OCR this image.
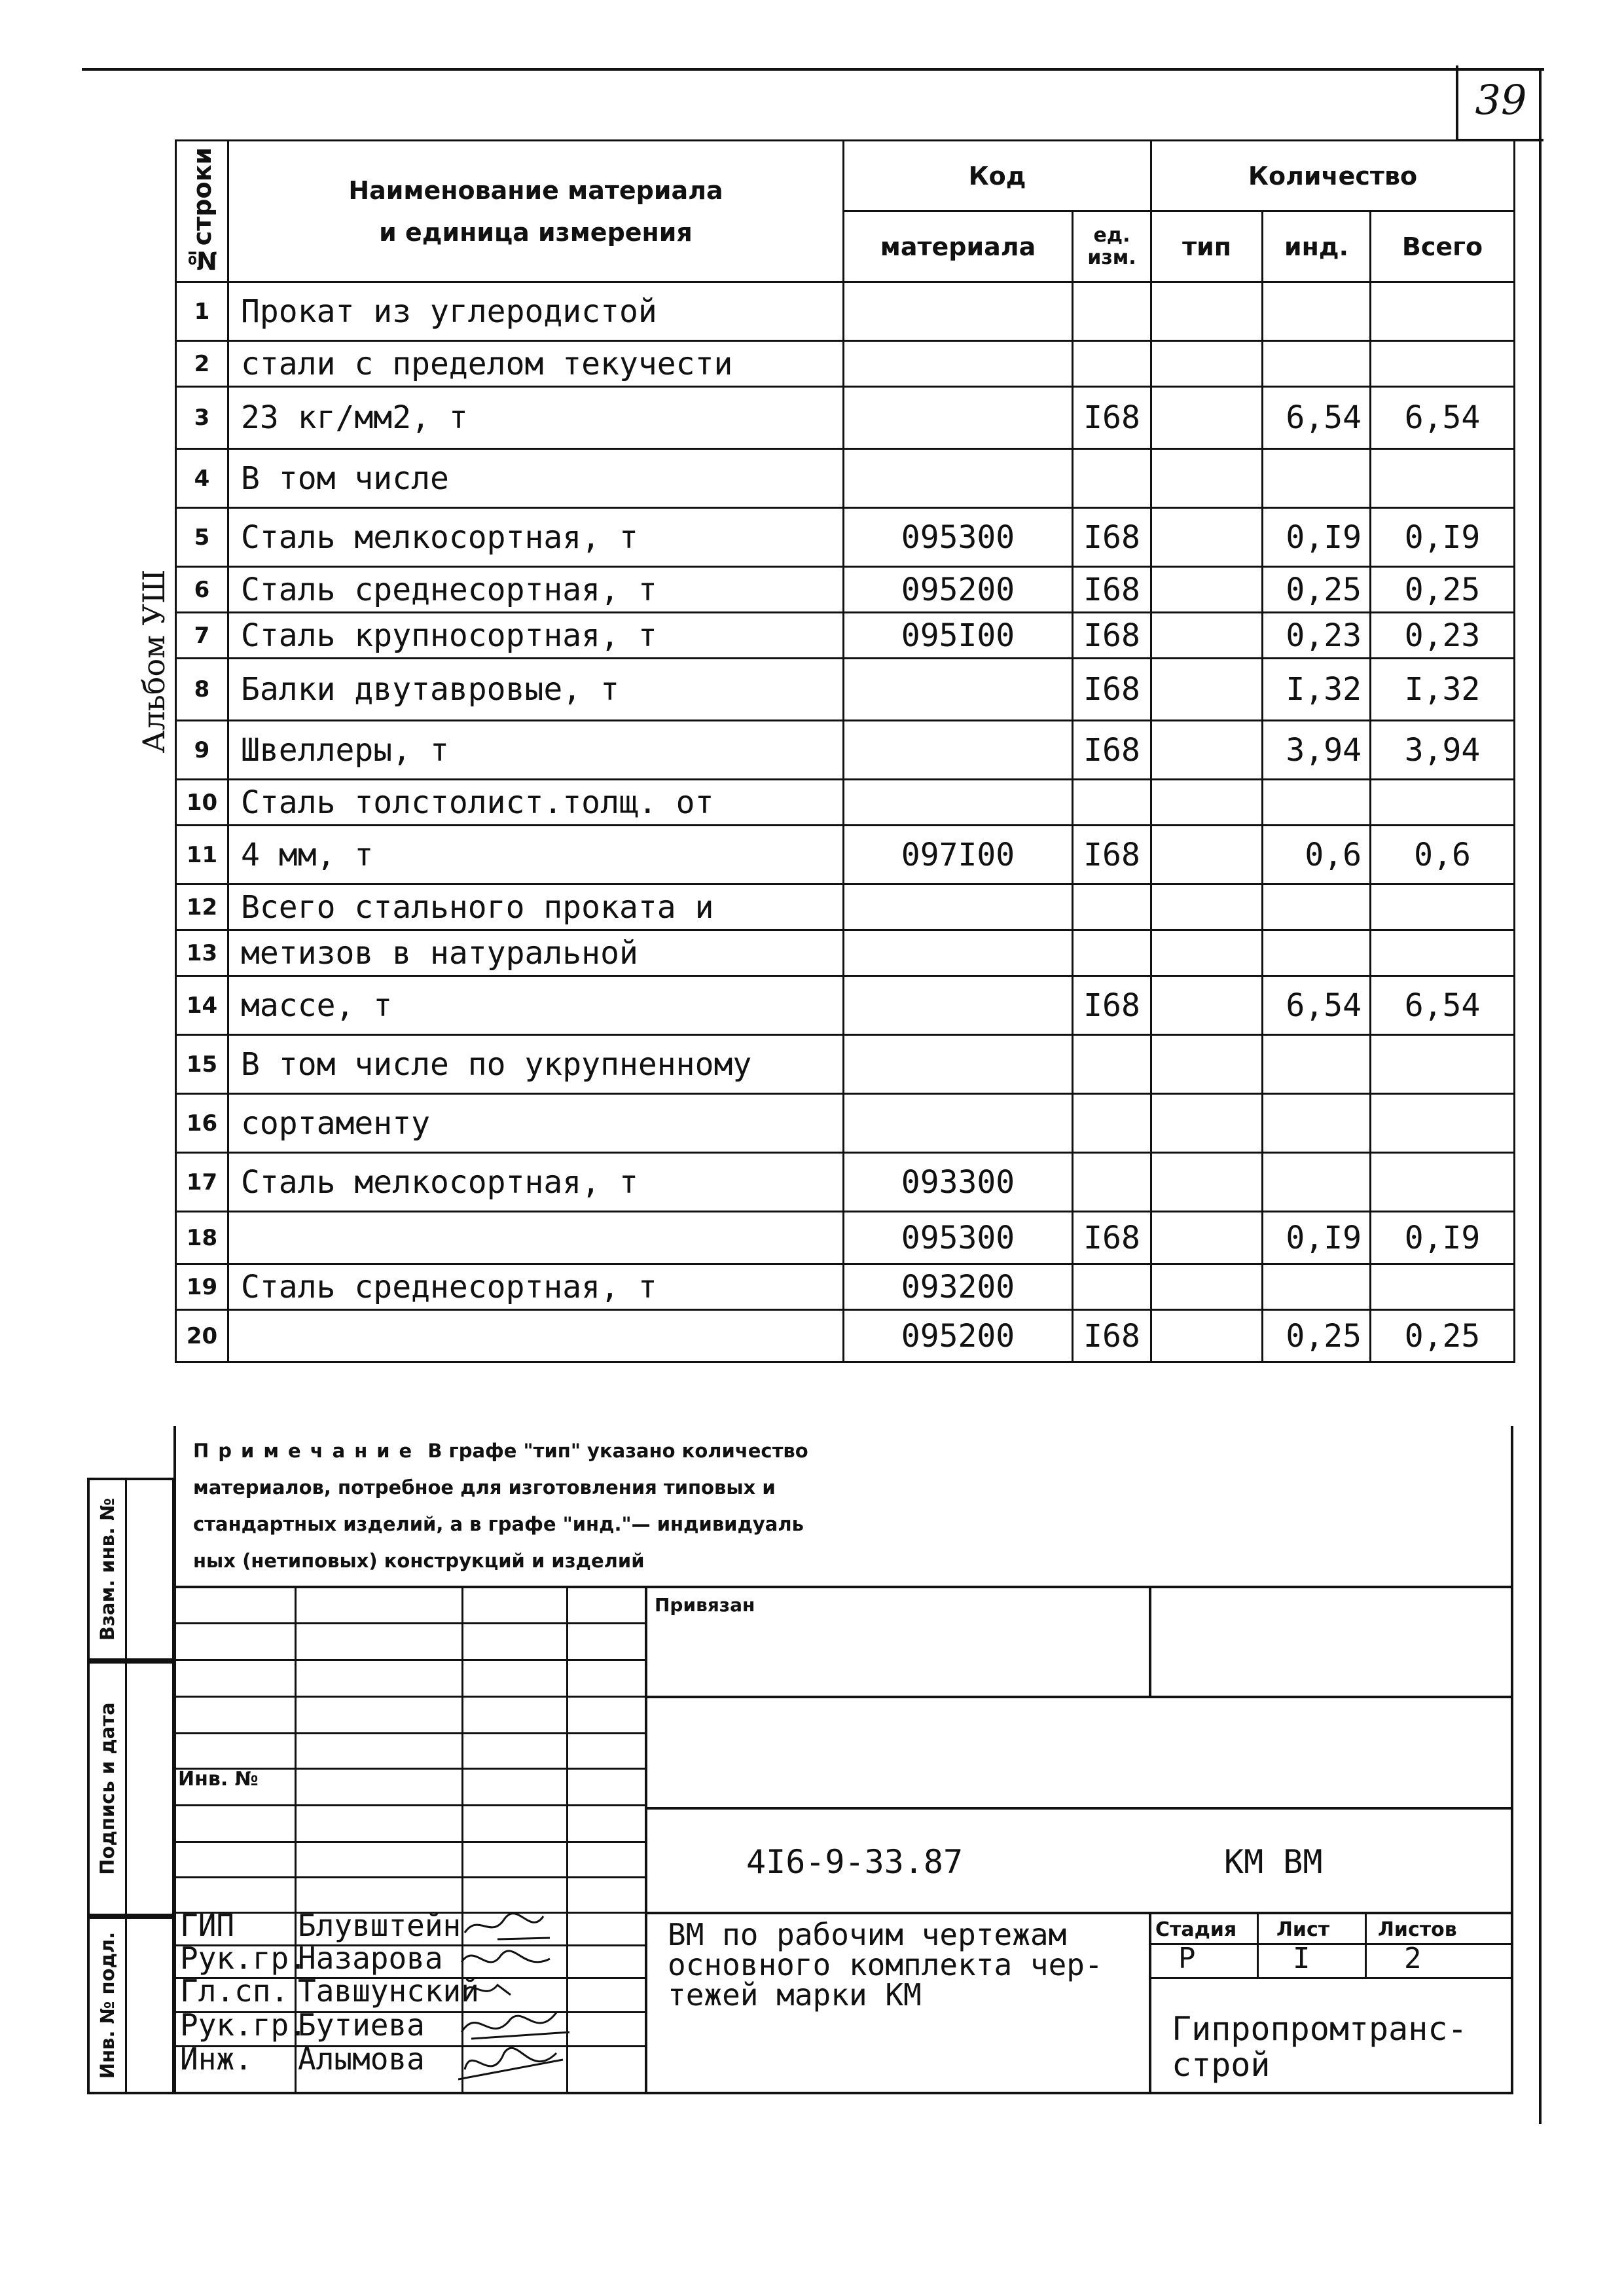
39
Альбом УШ
№строки	Наименование материала
и единица измерения	Код		Количество		
		материала	ед. изм.	тип	инд.	Всего
1	Прокат из углеродистой					
2	стали с пределом текучести					
3	23 кг/мм2, т		I68		6,54	6,54
4	В том числе					
5	Сталь мелкосортная, т	095300	I68		0,I9	0,I9
6	Сталь среднесортная, т	095200	I68		0,25	0,25
7	Сталь крупносортная, т	095I00	I68		0,23	0,23
8	Балки двутавровые, т		I68		I,32	I,32
9	Швеллеры, т		I68		3,94	3,94
10	Сталь толстолист.толщ. от					
11	4 мм, т	097I00	I68		0,6	0,6
12	Всего стального проката и					
13	метизов в натуральной					
14	массе, т		I68		6,54	6,54
15	В том числе по укрупненному					
16	сортаменту					
17	Сталь мелкосортная, т	093300				
18		095300	I68		0,I9	0,I9
19	Сталь среднесортная, т	093200				
20		095200	I68		0,25	0,25
Примечание В графе "тип" указано количество
материалов, потребное для изготовления типовых и
стандартных изделий, а в графе "инд."— индивидуаль
ных (нетиповых) конструкций и изделий
Взам. инв. №
Подпись и дата
Инв. № подл.
Привязан
Инв. №
4I6-9-33.87	КМ ВМ
ВМ по рабочим чертежам
основного комплекта чер-
тежей марки КМ
Стадия Лист Листов
Р	I	2
Гипропромтранс-
строй
ГИП Блувштейн
Рук.гр.
Назарова
Гл.сп. Тавшунский
Рук.гр.
Бутиева
Инж. Алымова
